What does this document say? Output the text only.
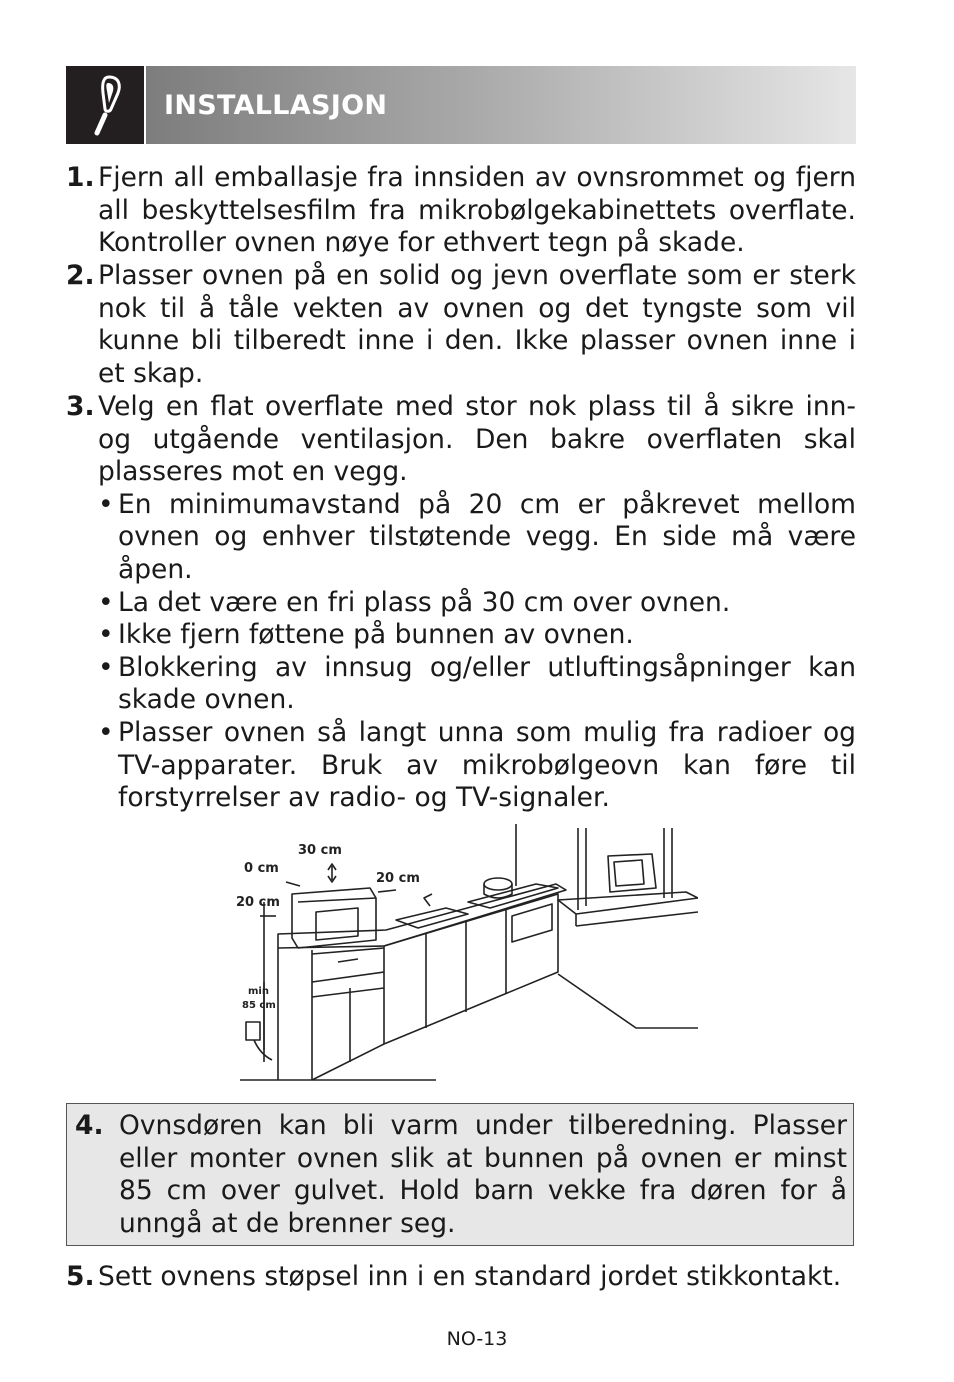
INSTALLASJON
1. Fjern all emballasje fra innsiden av ovnsrommet og fjern all beskyttelsesfilm fra mikrobølgekabinettets overflate. Kontroller ovnen nøye for ethvert tegn på skade.
2. Plasser ovnen på en solid og jevn overflate som er sterk nok til å tåle vekten av ovnen og det tyngste som vil kunne bli tilberedt inne i den. Ikke plasser ovnen inne i et skap.
3. Velg en flat overflate med stor nok plass til å sikre inn- og utgående ventilasjon. Den bakre overflaten skal plasseres mot en vegg.
• En minimumavstand på 20 cm er påkrevet mellom ovnen og enhver tilstøtende vegg. En side må være åpen.
• La det være en fri plass på 30 cm over ovnen.
• Ikke fjern føttene på bunnen av ovnen.
• Blokkering av innsug og/eller utluftingsåpninger kan skade ovnen.
• Plasser ovnen så langt unna som mulig fra radioer og TV-apparater. Bruk av mikrobølgeovn kan føre til forstyrrelser av radio- og TV-signaler.
30 cm
0 cm
20 cm
20 cm
min
85 cm
4. Ovnsdøren kan bli varm under tilberedning. Plasser eller monter ovnen slik at bunnen på ovnen er minst 85 cm over gulvet. Hold barn vekke fra døren for å unngå at de brenner seg.
5. Sett ovnens støpsel inn i en standard jordet stikkontakt.
NO-13
